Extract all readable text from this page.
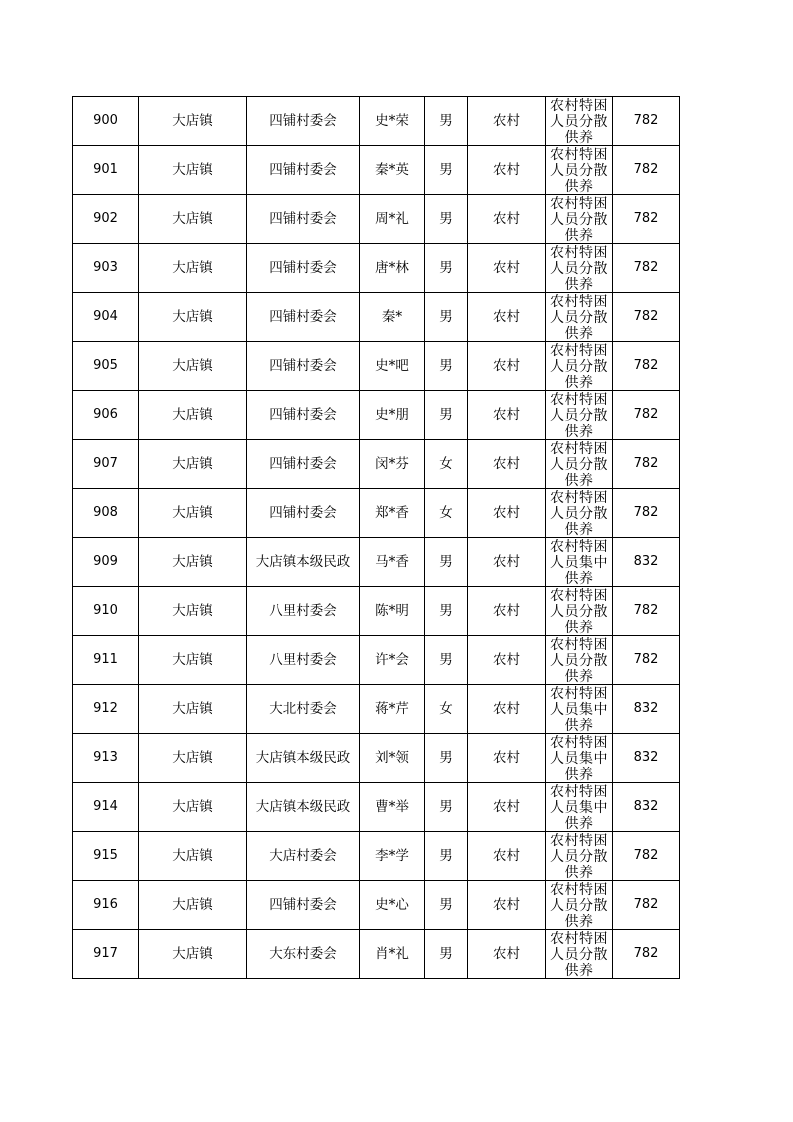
900	大店镇	四铺村委会	史*荣	男	农村	农村特困人员分散供养	782
901	大店镇	四铺村委会	秦*英	男	农村	农村特困人员分散供养	782
902	大店镇	四铺村委会	周*礼	男	农村	农村特困人员分散供养	782
903	大店镇	四铺村委会	唐*林	男	农村	农村特困人员分散供养	782
904	大店镇	四铺村委会	秦*	男	农村	农村特困人员分散供养	782
905	大店镇	四铺村委会	史*吧	男	农村	农村特困人员分散供养	782
906	大店镇	四铺村委会	史*朋	男	农村	农村特困人员分散供养	782
907	大店镇	四铺村委会	闵*芬	女	农村	农村特困人员分散供养	782
908	大店镇	四铺村委会	郑*香	女	农村	农村特困人员分散供养	782
909	大店镇	大店镇本级民政	马*香	男	农村	农村特困人员集中供养	832
910	大店镇	八里村委会	陈*明	男	农村	农村特困人员分散供养	782
911	大店镇	八里村委会	许*会	男	农村	农村特困人员分散供养	782
912	大店镇	大北村委会	蒋*芹	女	农村	农村特困人员集中供养	832
913	大店镇	大店镇本级民政	刘*领	男	农村	农村特困人员集中供养	832
914	大店镇	大店镇本级民政	曹*举	男	农村	农村特困人员集中供养	832
915	大店镇	大店村委会	李*学	男	农村	农村特困人员分散供养	782
916	大店镇	四铺村委会	史*心	男	农村	农村特困人员分散供养	782
917	大店镇	大东村委会	肖*礼	男	农村	农村特困人员分散供养	782
